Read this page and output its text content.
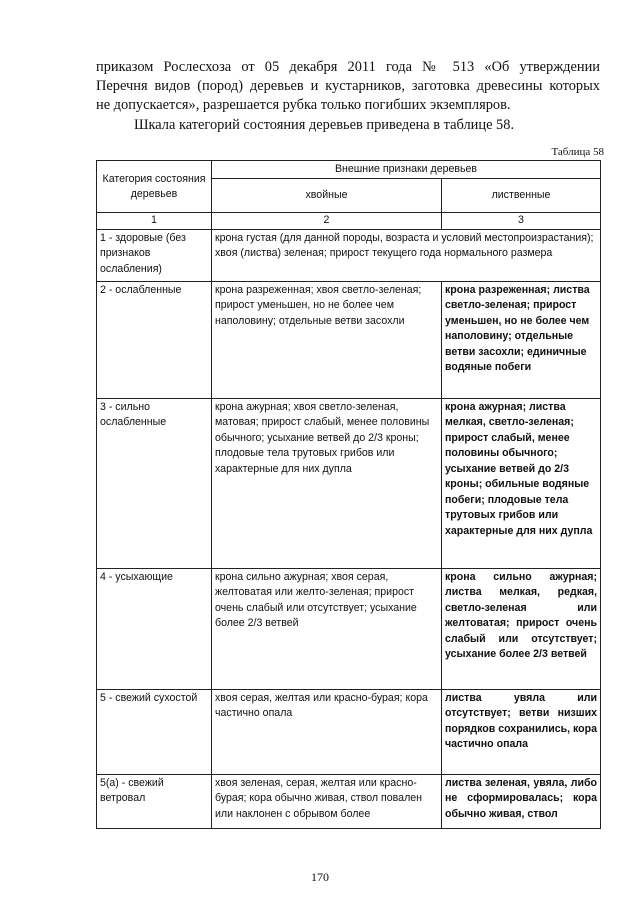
приказом Рослесхоза от 05 декабря 2011 года № 513 «Об утверждении
Перечня видов (пород) деревьев и кустарников, заготовка древесины которых
не допускается», разрешается рубка только погибших экземпляров.

Шкала категорий состояния деревьев приведена в таблице 58.

Таблица 58
Категория состояния деревьев	Внешние признаки деревьев	
	хвойные	лиственные
1	2	3
1 - здоровые (без признаков ослабления)	крона густая (для данной породы, возраста и условий местопроизрастания); хвоя (листва) зеленая; прирост текущего года нормального размера	
2 - ослабленные	крона разреженная; хвоя светло-зеленая; прирост уменьшен, но не более чем наполовину; отдельные ветви засохли	крона разреженная; листва светло-зеленая; прирост уменьшен, но не более чем наполовину; отдельные ветви засохли; единичные водяные побеги
3 - сильно ослабленные	крона ажурная; хвоя светло-зеленая, матовая; прирост слабый, менее половины обычного; усыхание ветвей до 2/3 кроны; плодовые тела трутовых грибов или характерные для них дупла	крона ажурная; листва мелкая, светло-зеленая; прирост слабый, менее половины обычного; усыхание ветвей до 2/3 кроны; обильные водяные побеги; плодовые тела трутовых грибов или характерные для них дупла
4 - усыхающие	крона сильно ажурная; хвоя серая, желтоватая или желто-зеленая; прирост очень слабый или отсутствует; усыхание более 2/3 ветвей	крона сильно ажурная; листва мелкая, редкая, светло-зеленая или желтоватая; прирост очень слабый или отсутствует; усыхание более 2/3 ветвей
5 - свежий сухостой	хвоя серая, желтая или красно-бурая; кора частично опала	листва увяла или отсутствует; ветви низших порядков сохранились, кора частично опала
5(а) - свежий ветровал	хвоя зеленая, серая, желтая или красно-бурая; кора обычно живая, ствол повален или наклонен с обрывом более	листва зеленая, увяла, либо не сформировалась; кора обычно живая, ствол
170
